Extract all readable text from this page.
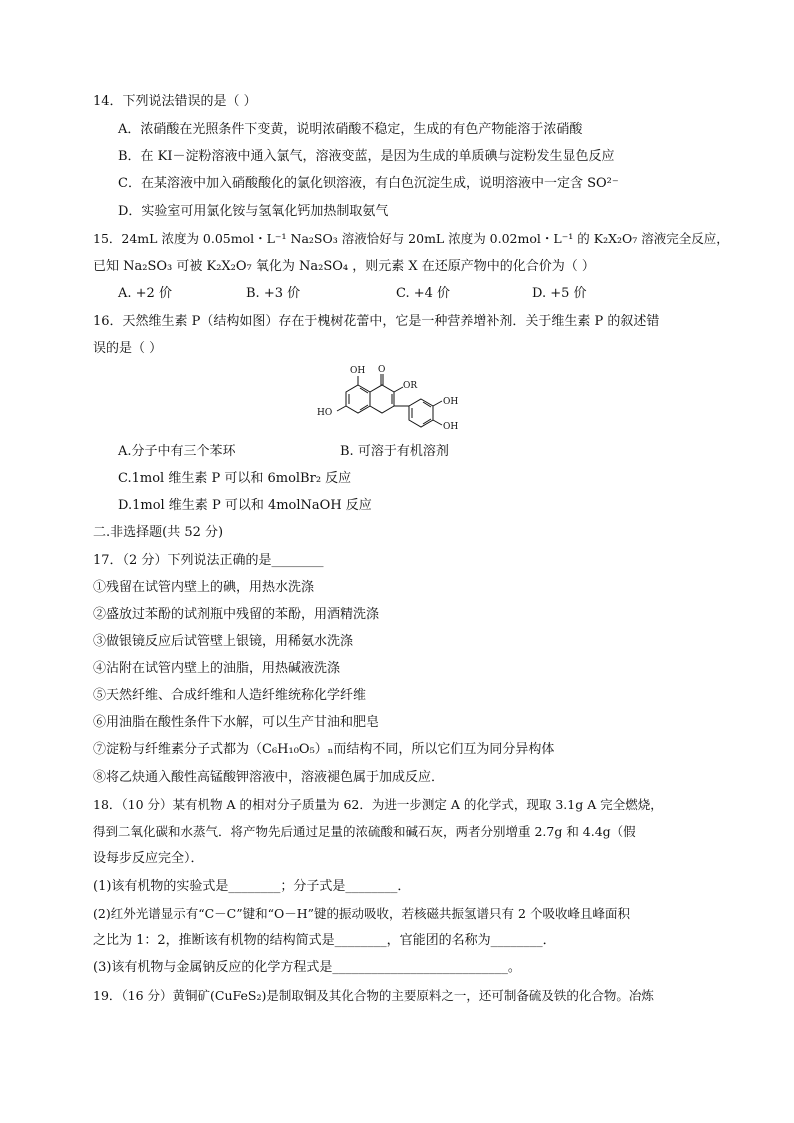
14．下列说法错误的是（ ）
A．浓硝酸在光照条件下变黄，说明浓硝酸不稳定，生成的有色产物能溶于浓硝酸
B．在 KI－淀粉溶液中通入氯气，溶液变蓝，是因为生成的单质碘与淀粉发生显色反应
C．在某溶液中加入硝酸酸化的氯化钡溶液，有白色沉淀生成，说明溶液中一定含 SO²⁻
D．实验室可用氯化铵与氢氧化钙加热制取氨气
15．24mL 浓度为 0.05mol・L⁻¹ Na₂SO₃ 溶液恰好与 20mL 浓度为 0.02mol・L⁻¹ 的 K₂X₂O₇ 溶液完全反应，
已知 Na₂SO₃ 可被 K₂X₂O₇ 氧化为 Na₂SO₄ ，则元素 X 在还原产物中的化合价为（ ）
A. +2 价	B. +3 价	C. +4 价	D. +5 价
16．天然维生素 P（结构如图）存在于槐树花蕾中，它是一种营养增补剂．关于维生素 P 的叙述错
误的是（ ）
OH O
OR
HO
OH
OH
A.分子中有三个苯环	B. 可溶于有机溶剂
C.1mol 维生素 P 可以和 6molBr₂ 反应
D.1mol 维生素 P 可以和 4molNaOH 反应
二.非选择题(共 52 分)
17．（2 分）下列说法正确的是________
①残留在试管内壁上的碘，用热水洗涤
②盛放过苯酚的试剂瓶中残留的苯酚，用酒精洗涤
③做银镜反应后试管壁上银镜，用稀氨水洗涤
④沾附在试管内壁上的油脂，用热碱液洗涤
⑤天然纤维、合成纤维和人造纤维统称化学纤维
⑥用油脂在酸性条件下水解，可以生产甘油和肥皂
⑦淀粉与纤维素分子式都为（C₆H₁₀O₅）ₙ而结构不同，所以它们互为同分异构体
⑧将乙炔通入酸性高锰酸钾溶液中，溶液褪色属于加成反应．
18．（10 分）某有机物 A 的相对分子质量为 62．为进一步测定 A 的化学式，现取 3.1g A 完全燃烧，
得到二氧化碳和水蒸气．将产物先后通过足量的浓硫酸和碱石灰，两者分别增重 2.7g 和 4.4g（假
设每步反应完全）．
(1)该有机物的实验式是________；分子式是________．
(2)红外光谱显示有“C－C”键和“O－H”键的振动吸收，若核磁共振氢谱只有 2 个吸收峰且峰面积
之比为 1：2，推断该有机物的结构简式是________，官能团的名称为________．
(3)该有机物与金属钠反应的化学方程式是___________________________。
19．（16 分）黄铜矿(CuFeS₂)是制取铜及其化合物的主要原料之一，还可制备硫及铁的化合物。冶炼
